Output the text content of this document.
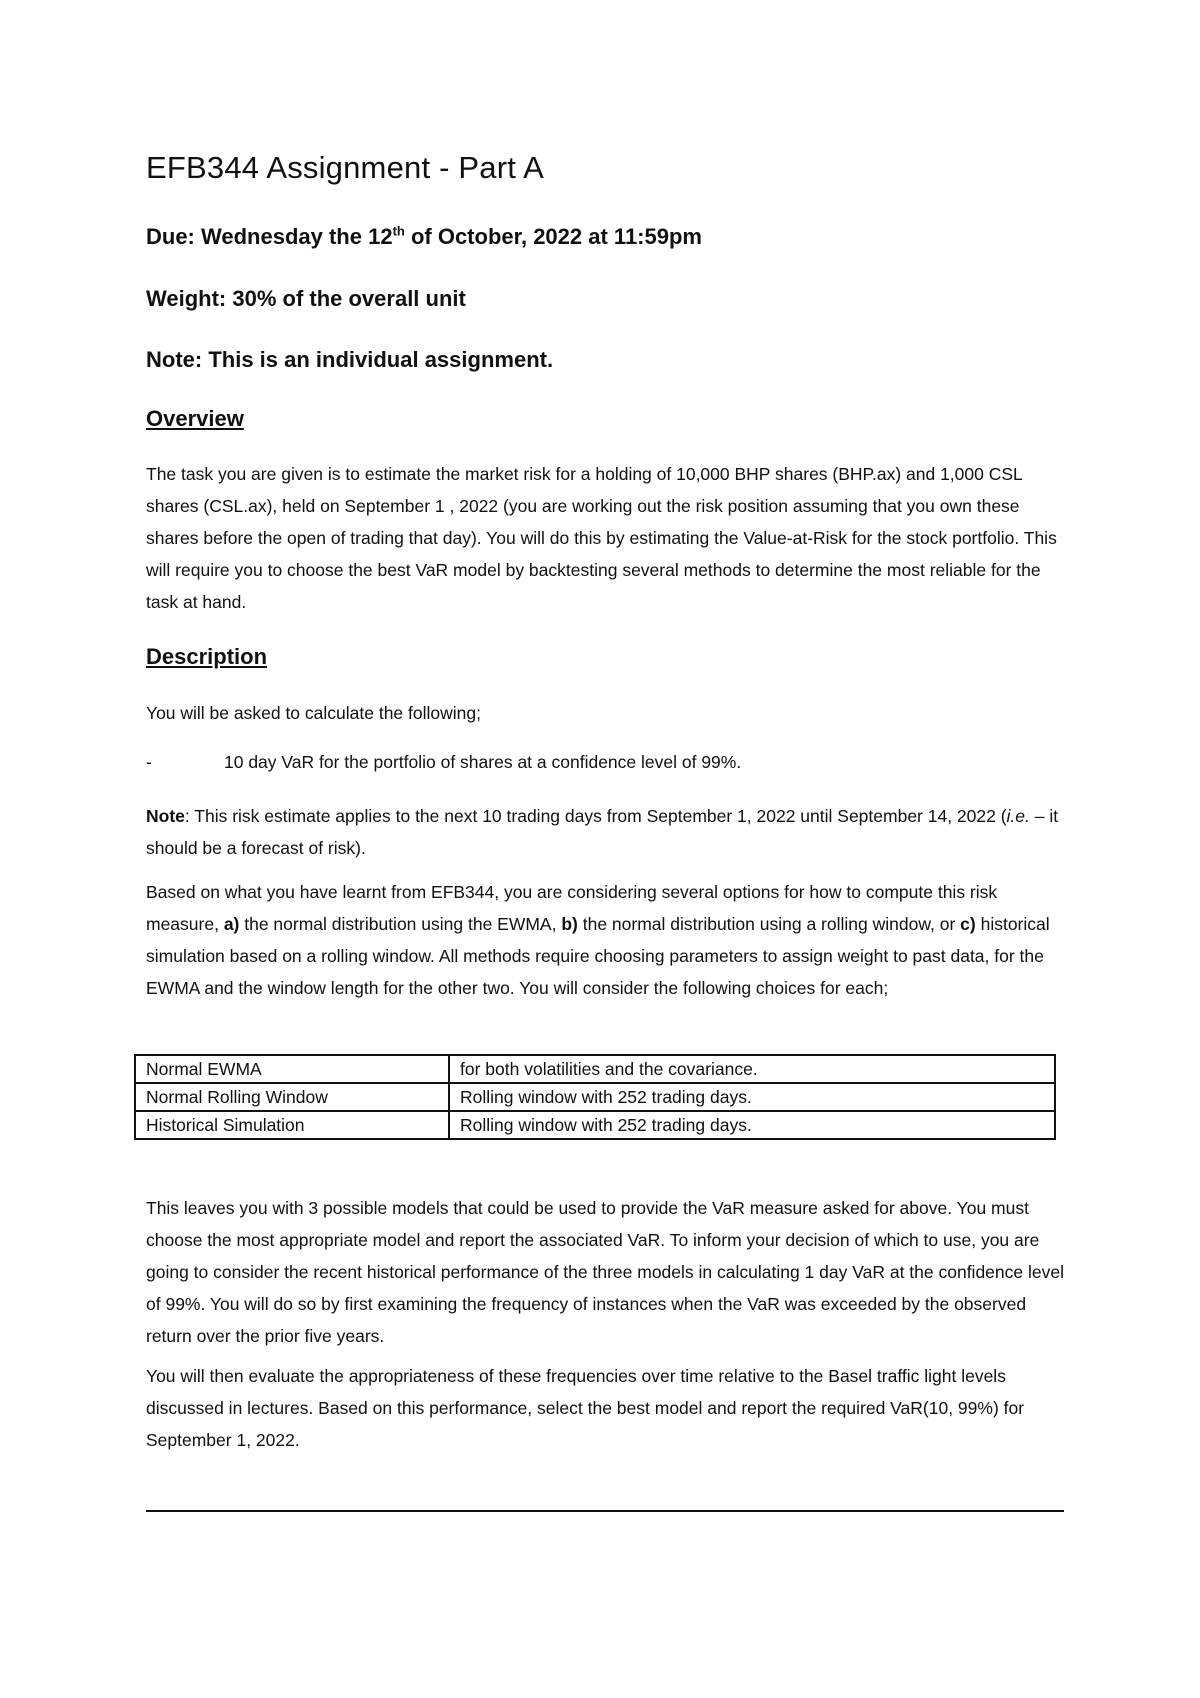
EFB344 Assignment - Part A

Due: Wednesday the 12th of October, 2022 at 11:59pm

Weight: 30% of the overall unit

Note: This is an individual assignment.

Overview

The task you are given is to estimate the market risk for a holding of 10,000 BHP shares (BHP.ax) and 1,000 CSL shares (CSL.ax), held on September 1 , 2022 (you are working out the risk position assuming that you own these shares before the open of trading that day). You will do this by estimating the Value-at-Risk for the stock portfolio. This will require you to choose the best VaR model by backtesting several methods to determine the most reliable for the task at hand.

Description

You will be asked to calculate the following;

-	10 day VaR for the portfolio of shares at a confidence level of 99%.

Note: This risk estimate applies to the next 10 trading days from September 1, 2022 until September 14, 2022 (i.e. – it should be a forecast of risk).

Based on what you have learnt from EFB344, you are considering several options for how to compute this risk measure, a) the normal distribution using the EWMA, b) the normal distribution using a rolling window, or c) historical simulation based on a rolling window. All methods require choosing parameters to assign weight to past data, for the EWMA and the window length for the other two. You will consider the following choices for each;

Normal EWMA	for both volatilities and the covariance.
Normal Rolling Window	Rolling window with 252 trading days.
Historical Simulation	Rolling window with 252 trading days.

This leaves you with 3 possible models that could be used to provide the VaR measure asked for above. You must choose the most appropriate model and report the associated VaR. To inform your decision of which to use, you are going to consider the recent historical performance of the three models in calculating 1 day VaR at the confidence level of 99%. You will do so by first examining the frequency of instances when the VaR was exceeded by the observed return over the prior five years.

You will then evaluate the appropriateness of these frequencies over time relative to the Basel traffic light levels discussed in lectures. Based on this performance, select the best model and report the required VaR(10, 99%) for September 1, 2022.
